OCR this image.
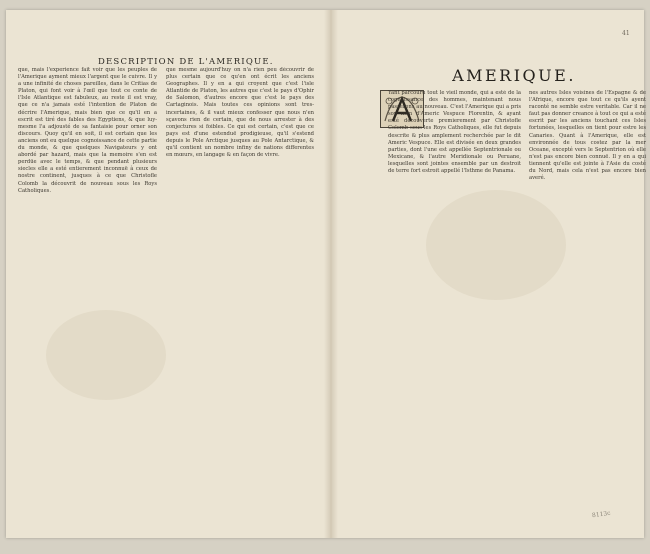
DESCRIPTION DE L'AMERIQUE.
que, mais l'experience fait voir que les peuples de l'Amerique ayment mieux l'argent que le cuivre. Il y a une infinité de choses pareilles, dans le Critias de Platon, qui font voir à l'œil que tout ce conte de l'Isle Atlantique est fabuleux, au reste il est vray, que ce n'a jamais esté l'intention de Platon de décrire l'Amerique, mais bien que ce qu'il en a escrit est tiré des fables des Egyptiens, & que luy-mesme l'a adjousté de sa fantaisie pour orner son discours. Quoy qu'il en soit, il est certain que les anciens ont eu quelque cognoissance de cette partie du monde, & que quelques Navigateurs y ont abordé par hazard, mais que la memoire s'en est perdüe avec le temps, & que pendant plusieurs siecles elle a esté entierement inconnuë à ceux de nostre continent, jusques à ce que Christofle Colomb la découvrit de nouveau sous les Roys Catholiques.
que mesme aujourd'huy on n'a rien peu découvrir de plus certain que ce qu'en ont écrit les anciens Geographes. Il y en a qui croyent que c'est l'isle Atlantide de Platon, les autres que c'est le pays d'Ophir de Salomon, d'autres encore que c'est le pays des Cartaginois. Mais toutes ces opinions sont tres-incertaines, & il vaut mieux confesser que nous n'en sçavons rien de certain, que de nous arrester à des conjectures si foibles. Ce qui est certain, c'est que ce pays est d'une estenduë prodigieuse, qu'il s'estend depuis le Pole Arctique jusques au Pole Antarctique, & qu'il contient un nombre infiny de nations differentes en mœurs, en langage & en façon de vivre.
41
AMERIQUE.
Yant parcouru tout le vieil monde, qui a esté de la cognoissance des hommes, maintenant nous passerons au nouveau. C'est l'Amerique qui a pris son nom d'Americ Vespuce Florentin, & ayant esté découverte premierement par Christofle Colomb sous les Roys Catholiques, elle fut depuis descrite & plus amplement recherchée par le dit Americ Vespuce. Elle est divisée en deux grandes parties, dont l'une est appellée Septentrionale ou Mexicane, & l'autre Meridionale ou Peruane, lesquelles sont jointes ensemble par un destroit de terre fort estroit appellé l'Isthme de Panama.
nes autres Isles voisines de l'Espagne & de l'Afrique, encore que tout ce qu'ils ayent raconté ne semble estre veritable. Car il ne faut pas donner creance à tout ce qui a esté escrit par les anciens touchant ces Isles fortunées, lesquelles on tient pour estre les Canaries. Quant à l'Amerique, elle est environnée de tous costez par la mer Oceane, excepté vers le Septentrion où elle n'est pas encore bien connuë. Il y en a qui tiennent qu'elle est jointe à l'Asie du costé du Nord, mais cela n'est pas encore bien averé.
8113c
